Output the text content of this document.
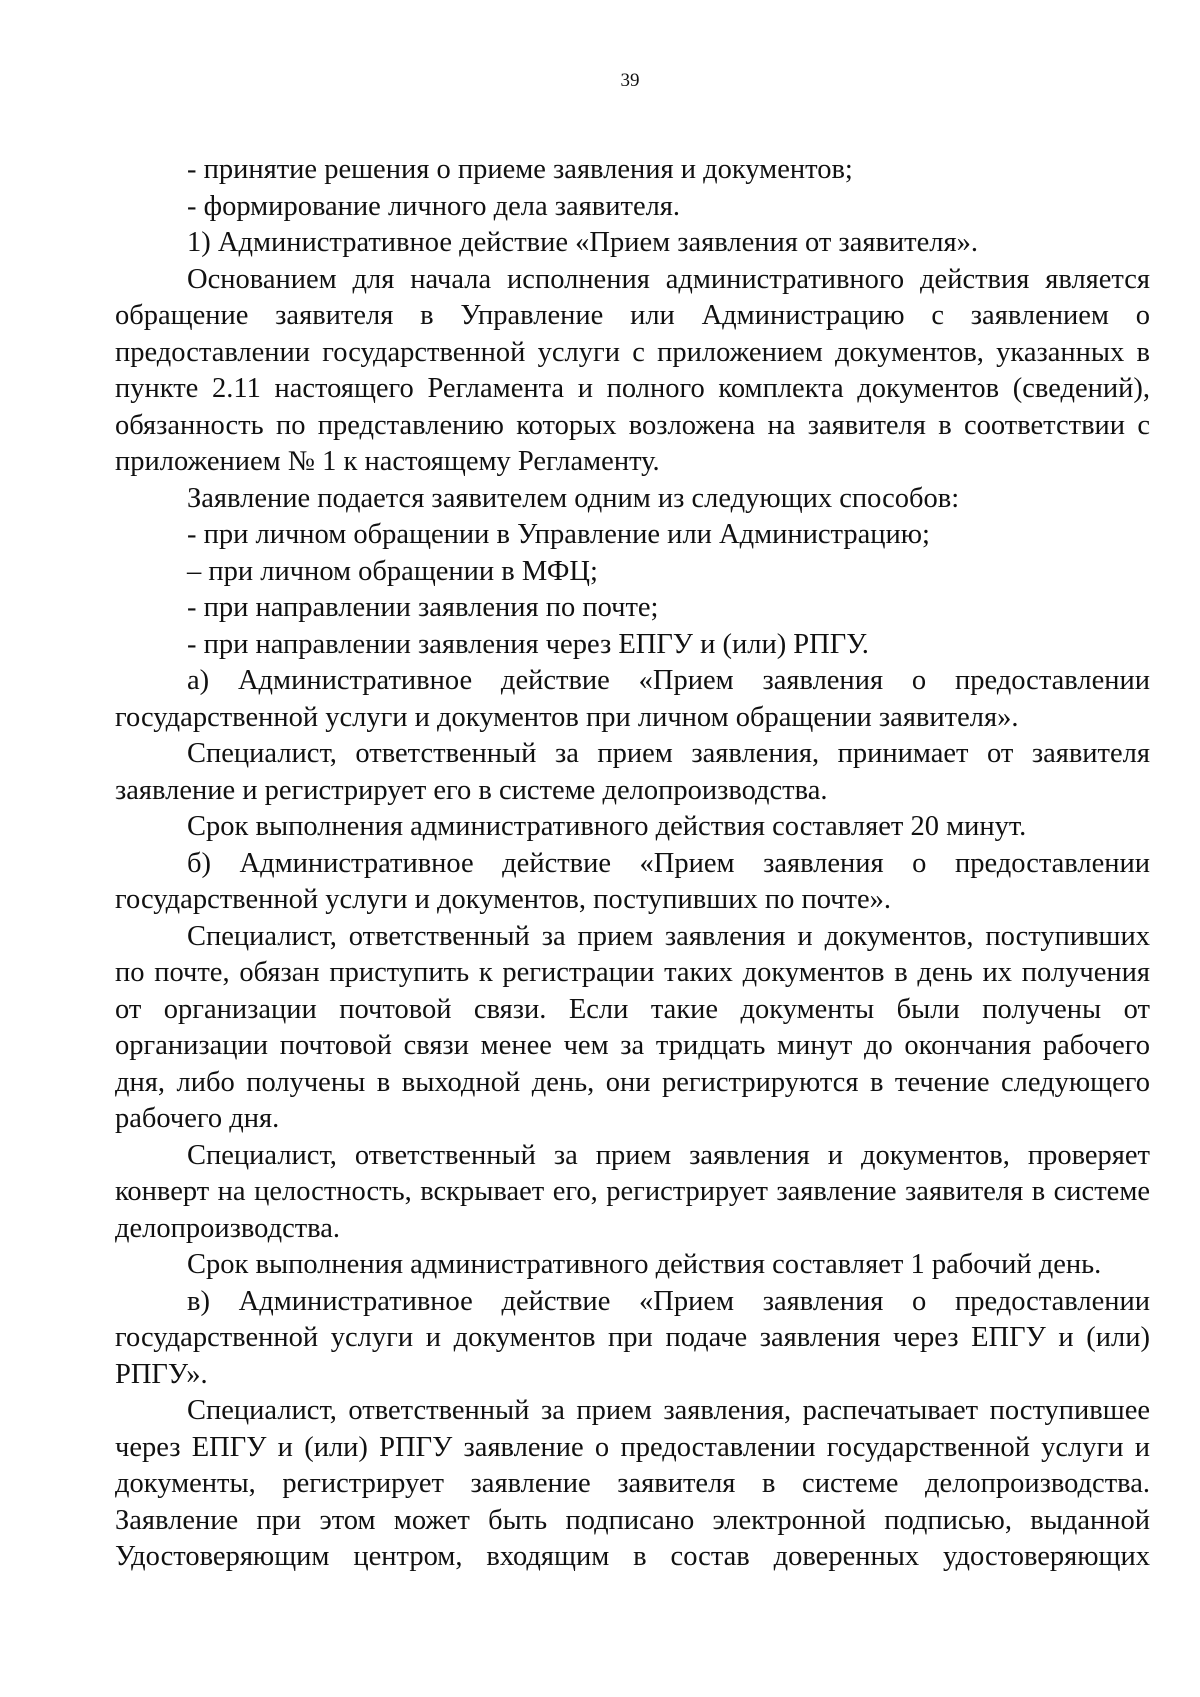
39

- принятие решения о приеме заявления и документов;

- формирование личного дела заявителя.

1) Административное действие «Прием заявления от заявителя».

Основанием для начала исполнения административного действия является обращение заявителя в Управление или Администрацию с заявлением о предоставлении государственной услуги с приложением документов, указанных в пункте 2.11 настоящего Регламента и полного комплекта документов (сведений), обязанность по представлению которых возложена на заявителя в соответствии с приложением № 1 к настоящему Регламенту.

Заявление подается заявителем одним из следующих способов:

- при личном обращении в Управление или Администрацию;

– при личном обращении в МФЦ;

- при направлении заявления по почте;

- при направлении заявления через ЕПГУ и (или) РПГУ.

а) Административное действие «Прием заявления о предоставлении государственной услуги и документов при личном обращении заявителя».

Специалист, ответственный за прием заявления, принимает от заявителя заявление и регистрирует его в системе делопроизводства.

Срок выполнения административного действия составляет 20 минут.

б) Административное действие «Прием заявления о предоставлении государственной услуги и документов, поступивших по почте».

Специалист, ответственный за прием заявления и документов, поступивших по почте, обязан приступить к регистрации таких документов в день их получения от организации почтовой связи. Если такие документы были получены от организации почтовой связи менее чем за тридцать минут до окончания рабочего дня, либо получены в выходной день, они регистрируются в течение следующего рабочего дня.

Специалист, ответственный за прием заявления и документов, проверяет конверт на целостность, вскрывает его, регистрирует заявление заявителя в системе делопроизводства.

Срок выполнения административного действия составляет 1 рабочий день.

в) Административное действие «Прием заявления о предоставлении государственной услуги и документов при подаче заявления через ЕПГУ и (или) РПГУ».

Специалист, ответственный за прием заявления, распечатывает поступившее через ЕПГУ и (или) РПГУ заявление о предоставлении государственной услуги и документы, регистрирует заявление заявителя в системе делопроизводства. Заявление при этом может быть подписано электронной подписью, выданной Удостоверяющим центром, входящим в состав доверенных удостоверяющих
